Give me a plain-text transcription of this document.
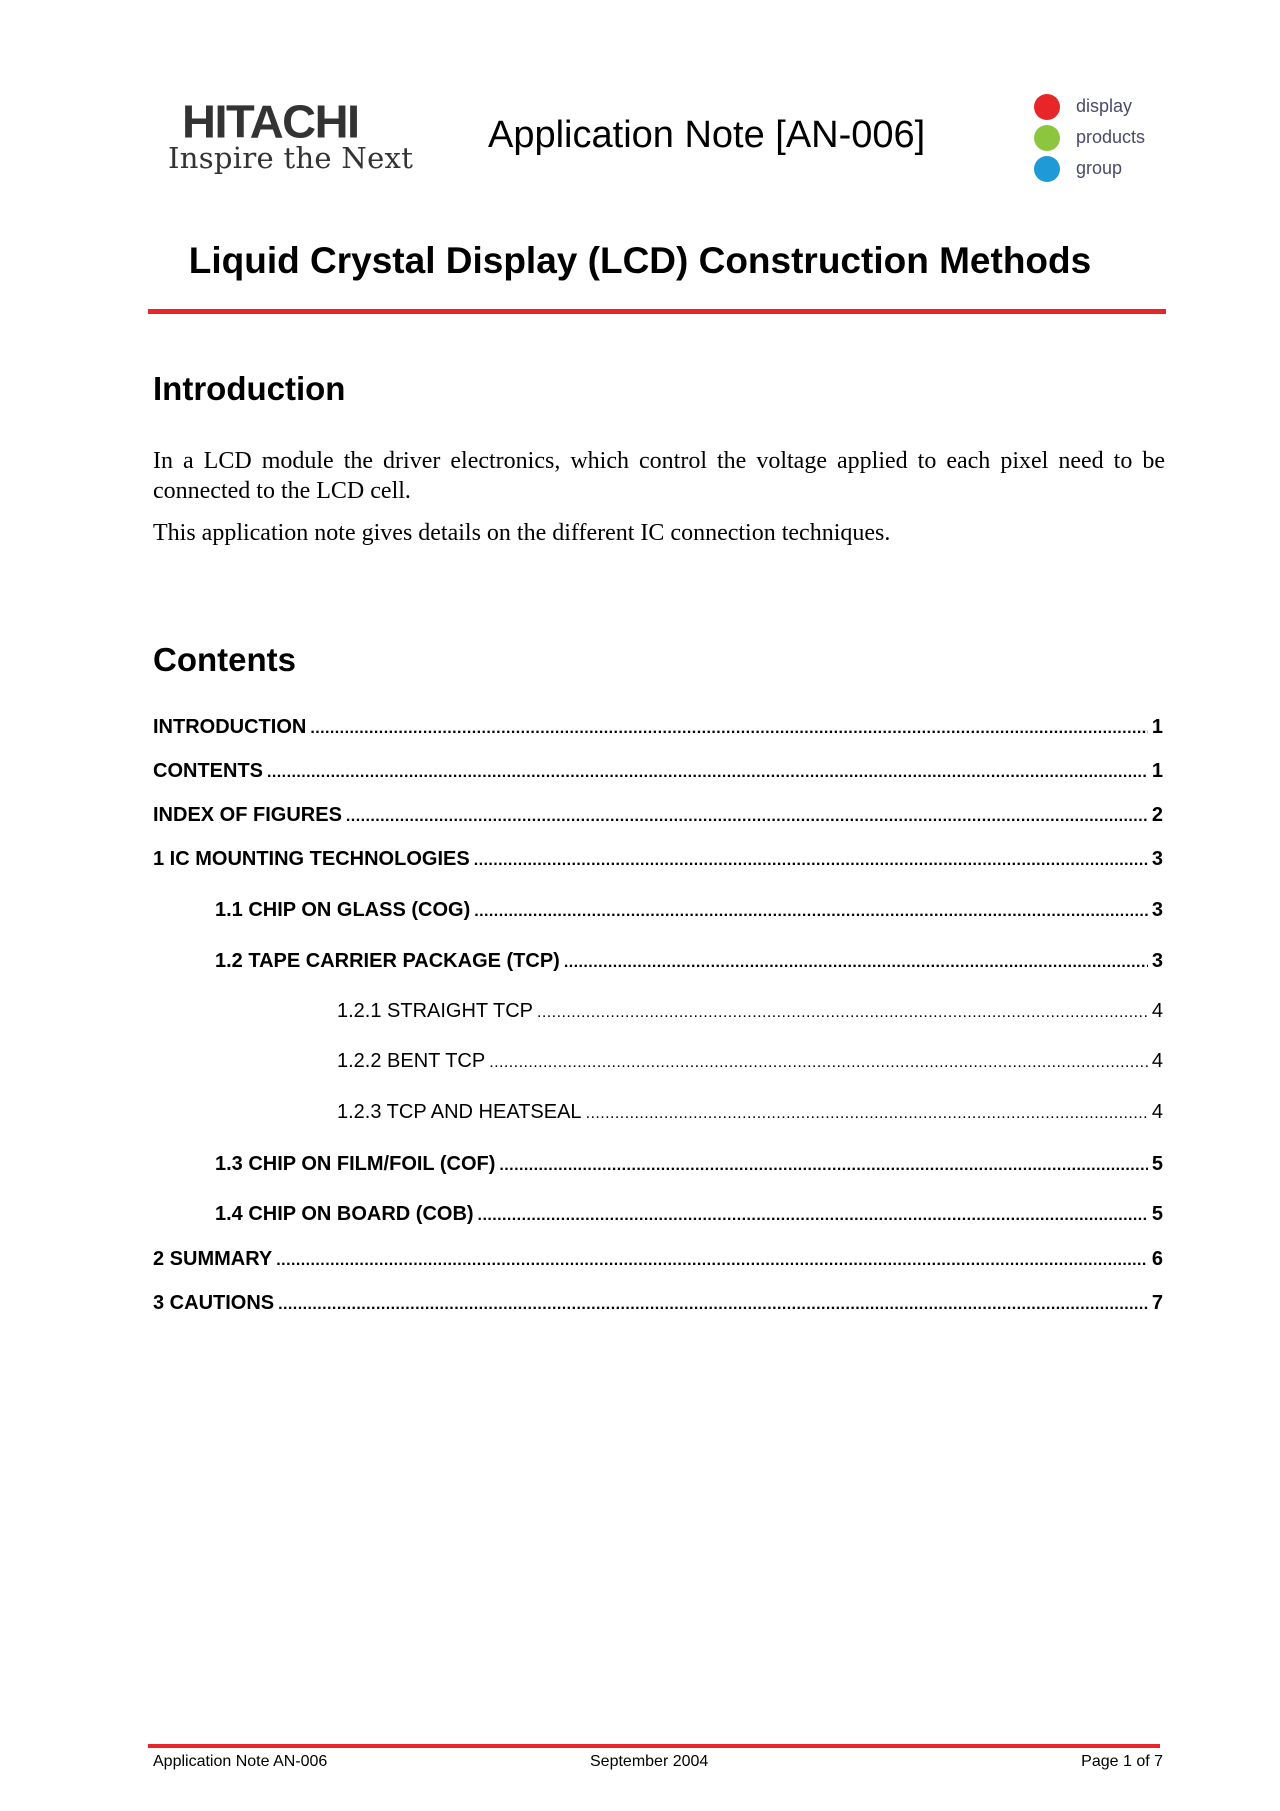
HITACHI
Inspire the Next
Application Note [AN-006]
display
products
group
Liquid Crystal Display (LCD) Construction Methods
Introduction

In a LCD module the driver electronics, which control the voltage applied to each pixel need to be connected to the LCD cell.

This application note gives details on the different IC connection techniques.

Contents
INTRODUCTION . . .	1
CONTENTS . . .	1
INDEX OF FIGURES . . .	2
1 IC MOUNTING TECHNOLOGIES . . .	3
1.1 CHIP ON GLASS (COG) . . .	3
1.2 TAPE CARRIER PACKAGE (TCP) . . .	3
1.2.1 STRAIGHT TCP . . .	4
1.2.2 BENT TCP . . .	4
1.2.3 TCP AND HEATSEAL . . .	4
1.3 CHIP ON FILM/FOIL (COF) . . .	5
1.4 CHIP ON BOARD (COB) . . .	5
2 SUMMARY . . .	6
3 CAUTIONS . . .	7
Application Note AN-006	September 2004	Page 1 of 7
